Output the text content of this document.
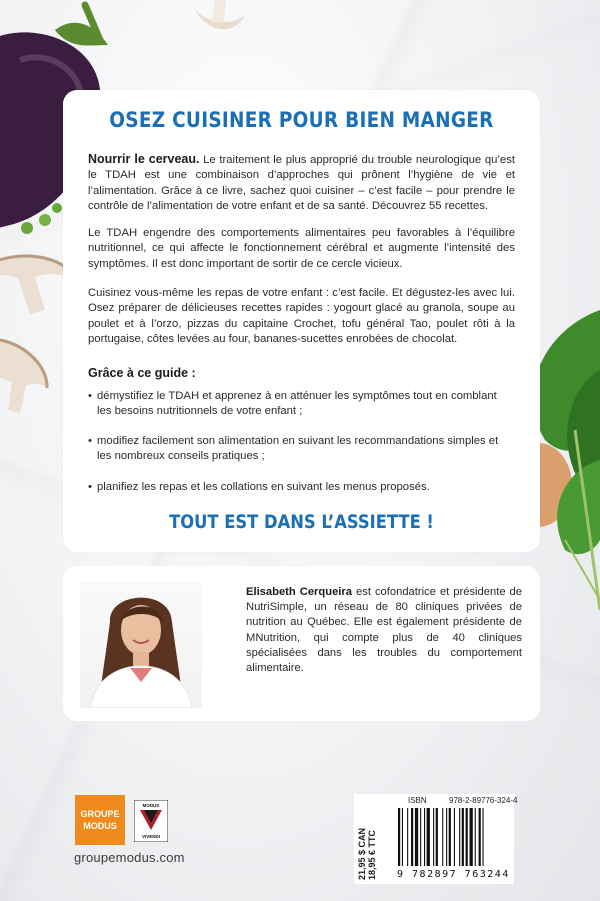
OSEZ CUISINER POUR BIEN MANGER

Nourrir le cerveau. Le traitement le plus approprié du trouble neurologique qu’est le TDAH est une combinaison d’approches qui prônent l’hygiène de vie et l’alimentation. Grâce à ce livre, sachez quoi cuisiner – c’est facile – pour prendre le contrôle de l’alimentation de votre enfant et de sa santé. Découvrez 55 recettes.

Le TDAH engendre des comportements alimentaires peu favorables à l’équilibre nutritionnel, ce qui affecte le fonctionnement cérébral et augmente l’intensité des symptômes. Il est donc important de sortir de ce cercle vicieux.

Cuisinez vous-même les repas de votre enfant : c’est facile. Et dégustez-les avec lui. Osez préparer de délicieuses recettes rapides : yogourt glacé au granola, soupe au poulet et à l’orzo, pizzas du capitaine Crochet, tofu général Tao, poulet rôti à la portugaise, côtes levées au four, bananes-sucettes enrobées de chocolat.

Grâce à ce guide :
• démystifiez le TDAH et apprenez à en atténuer les symptômes tout en comblant les besoins nutritionnels de votre enfant ;
• modifiez facilement son alimentation en suivant les recommandations simples et les nombreux conseils pratiques ;
• planifiez les repas et les collations en suivant les menus proposés.
TOUT EST DANS L’ASSIETTE !

Elisabeth Cerqueira est cofondatrice et présidente de NutriSimple, un réseau de 80 cliniques privées de nutrition au Québec. Elle est également présidente de MNutrition, qui compte plus de 40 cliniques spécialisées dans les troubles du comportement alimentaire.

GROUPE
MODUS
MODUS
VIVENDI
groupemodus.com	21,95 $ CAN 18,95 € TTC
ISBN	978-2-89776-324-4
9 782897 763244
